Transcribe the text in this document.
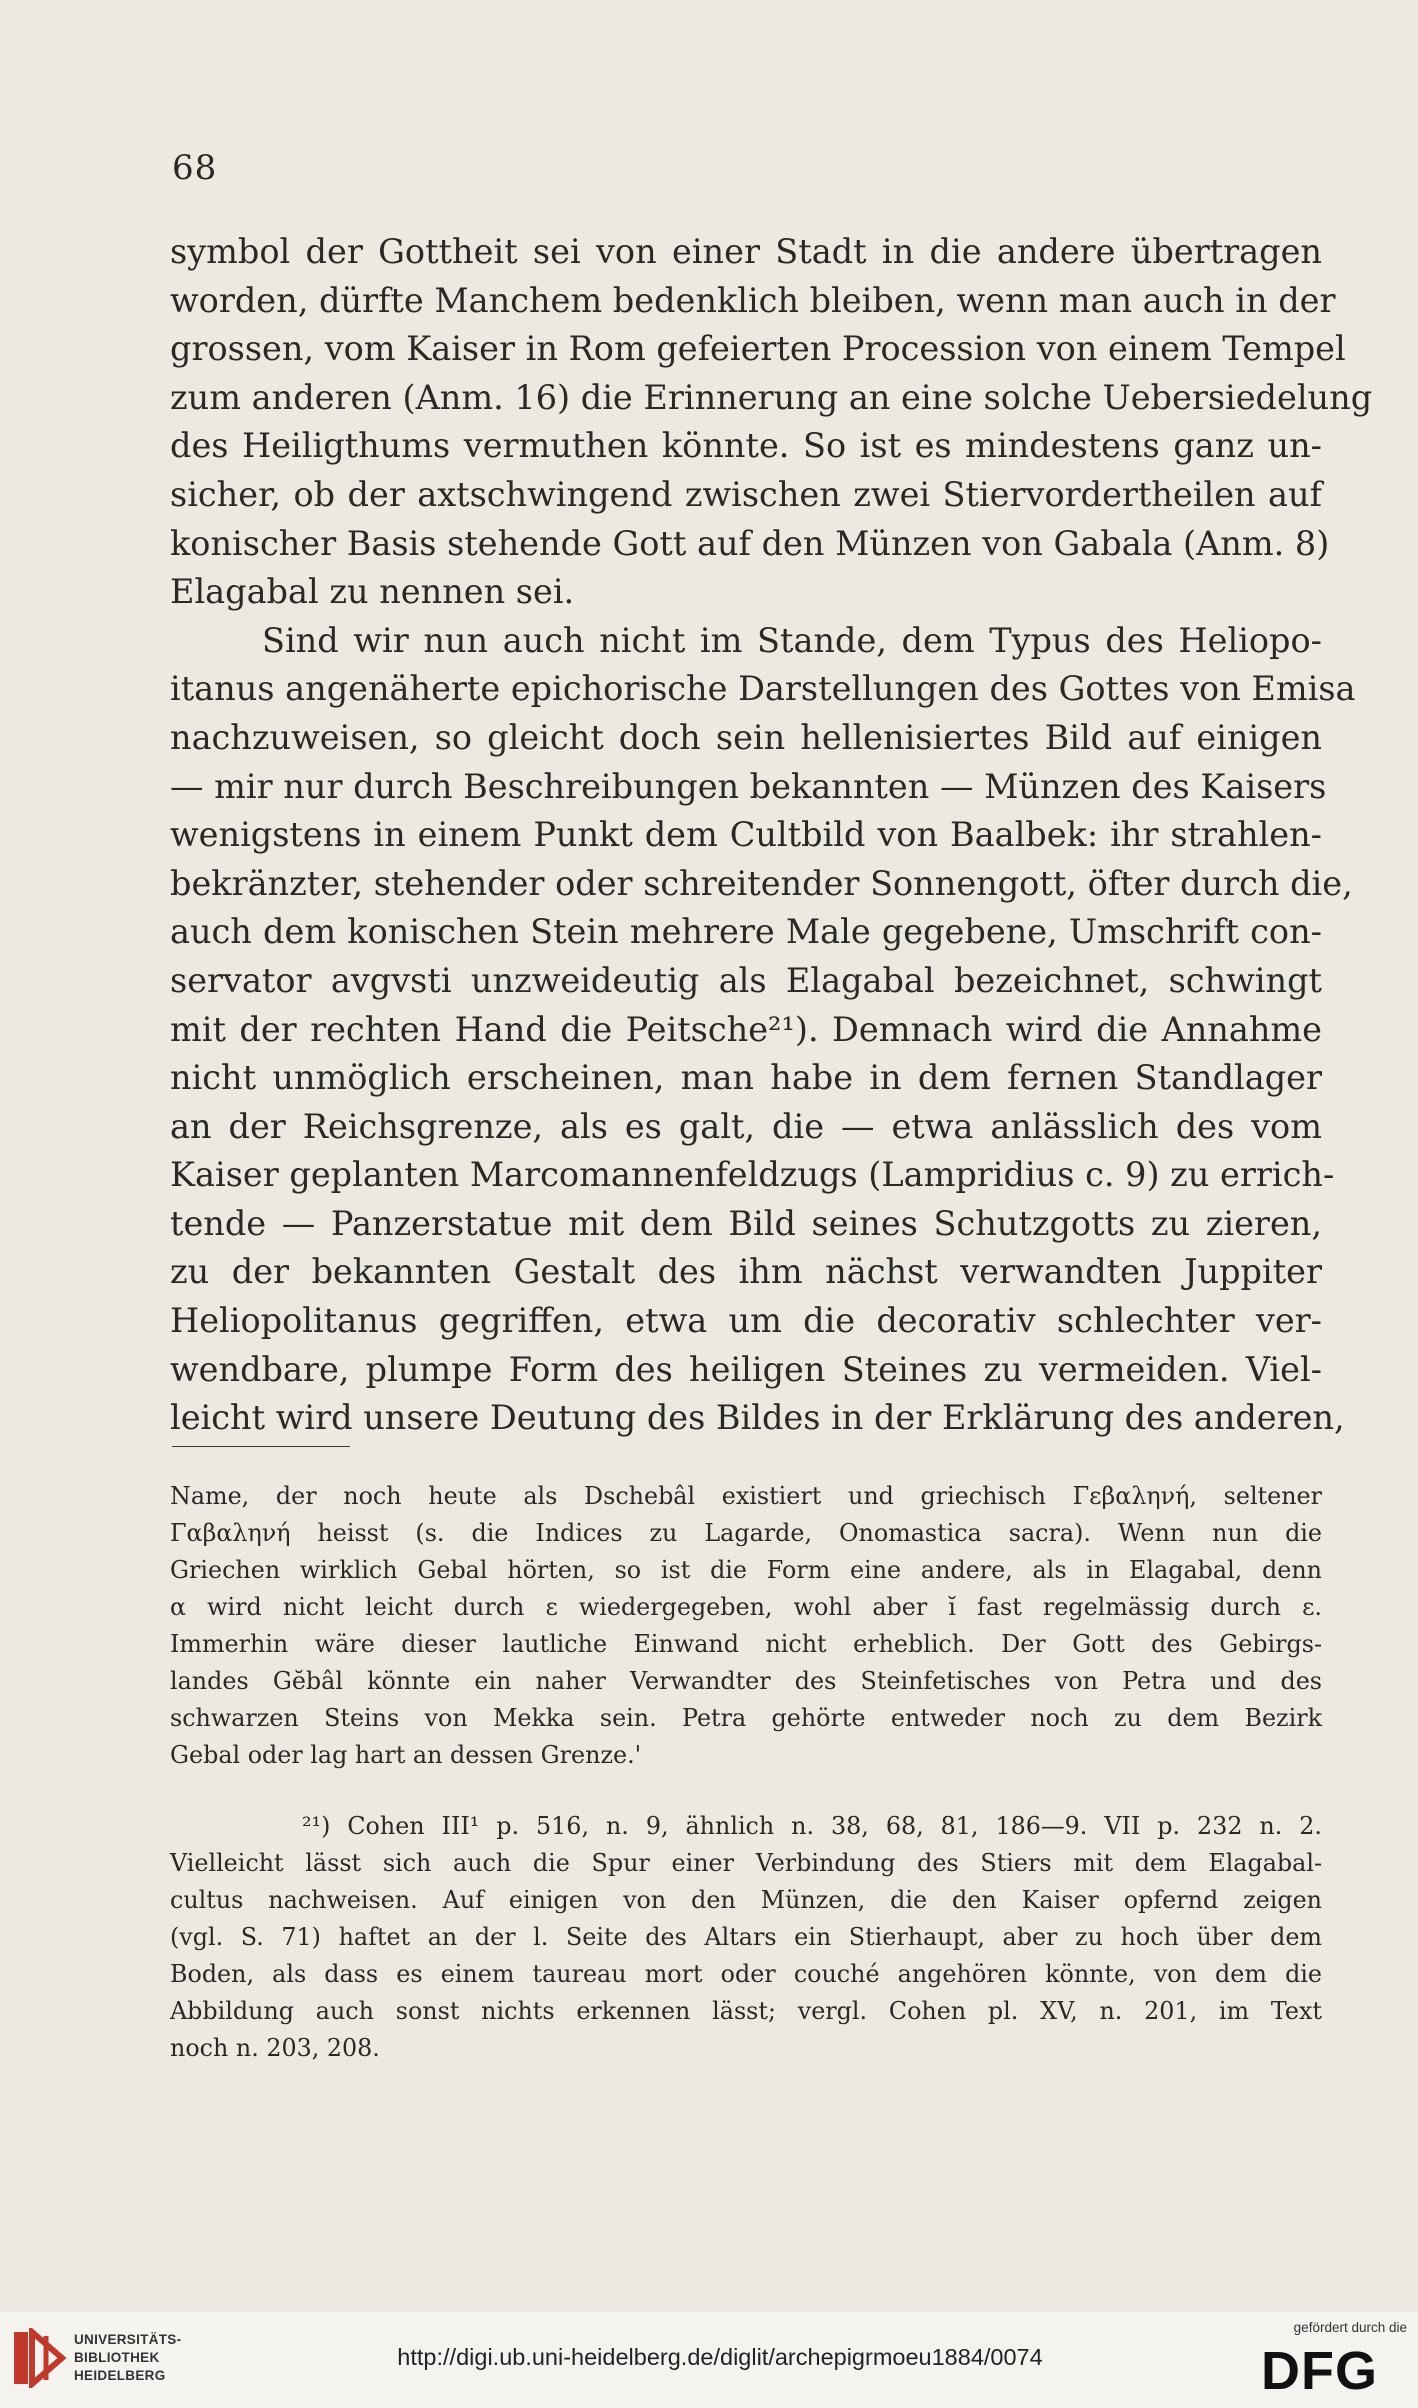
68
symbol der Gottheit sei von einer Stadt in die andere übertragen
worden, dürfte Manchem bedenklich bleiben, wenn man auch in der
grossen, vom Kaiser in Rom gefeierten Procession von einem Tempel
zum anderen (Anm. 16) die Erinnerung an eine solche Uebersiedelung
des Heiligthums vermuthen könnte. So ist es mindestens ganz un-
sicher, ob der axtschwingend zwischen zwei Stiervordertheilen auf
konischer Basis stehende Gott auf den Münzen von Gabala (Anm. 8)
Elagabal zu nennen sei.
Sind wir nun auch nicht im Stande, dem Typus des Heliopo-
itanus angenäherte epichorische Darstellungen des Gottes von Emisa
nachzuweisen, so gleicht doch sein hellenisiertes Bild auf einigen
— mir nur durch Beschreibungen bekannten — Münzen des Kaisers
wenigstens in einem Punkt dem Cultbild von Baalbek: ihr strahlen-
bekränzter, stehender oder schreitender Sonnengott, öfter durch die,
auch dem konischen Stein mehrere Male gegebene, Umschrift con-
servator avgvsti unzweideutig als Elagabal bezeichnet, schwingt
mit der rechten Hand die Peitsche²¹). Demnach wird die Annahme
nicht unmöglich erscheinen, man habe in dem fernen Standlager
an der Reichsgrenze, als es galt, die — etwa anlässlich des vom
Kaiser geplanten Marcomannenfeldzugs (Lampridius c. 9) zu errich-
tende — Panzerstatue mit dem Bild seines Schutzgotts zu zieren,
zu der bekannten Gestalt des ihm nächst verwandten Juppiter
Heliopolitanus gegriffen, etwa um die decorativ schlechter ver-
wendbare, plumpe Form des heiligen Steines zu vermeiden. Viel-
leicht wird unsere Deutung des Bildes in der Erklärung des anderen,
Name, der noch heute als Dschebâl existiert und griechisch Γεβαληνή, seltener
Γαβαληνή heisst (s. die Indices zu Lagarde, Onomastica sacra). Wenn nun die
Griechen wirklich Gebal hörten, so ist die Form eine andere, als in Elagabal, denn
α wird nicht leicht durch ε wiedergegeben, wohl aber ĭ fast regelmässig durch ε.
Immerhin wäre dieser lautliche Einwand nicht erheblich. Der Gott des Gebirgs-
landes Gĕbâl könnte ein naher Verwandter des Steinfetisches von Petra und des
schwarzen Steins von Mekka sein. Petra gehörte entweder noch zu dem Bezirk
Gebal oder lag hart an dessen Grenze.'
²¹) Cohen III¹ p. 516, n. 9, ähnlich n. 38, 68, 81, 186—9. VII p. 232 n. 2.
Vielleicht lässt sich auch die Spur einer Verbindung des Stiers mit dem Elagabal-
cultus nachweisen. Auf einigen von den Münzen, die den Kaiser opfernd zeigen
(vgl. S. 71) haftet an der l. Seite des Altars ein Stierhaupt, aber zu hoch über dem
Boden, als dass es einem taureau mort oder couché angehören könnte, von dem die
Abbildung auch sonst nichts erkennen lässt; vergl. Cohen pl. XV, n. 201, im Text
noch n. 203, 208.
UNIVERSITÄTS-
BIBLIOTHEK
HEIDELBERG
http://digi.ub.uni-heidelberg.de/diglit/archepigrmoeu1884/0074
gefördert durch die
DFG
